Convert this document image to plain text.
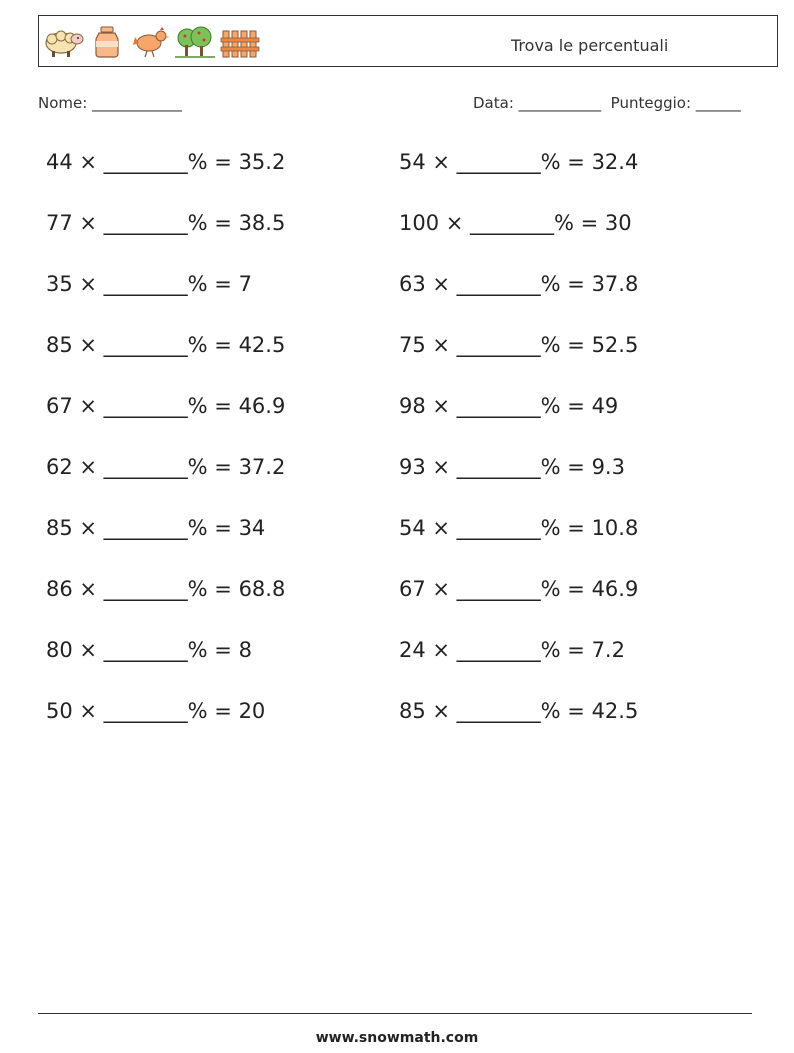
Trova le percentuali
Nome: ____________	Data: ___________  Punteggio: ______
44 × ________% = 35.2
77 × ________% = 38.5
35 × ________% = 7
85 × ________% = 42.5
67 × ________% = 46.9
62 × ________% = 37.2
85 × ________% = 34
86 × ________% = 68.8
80 × ________% = 8
50 × ________% = 20
54 × ________% = 32.4
100 × ________% = 30
63 × ________% = 37.8
75 × ________% = 52.5
98 × ________% = 49
93 × ________% = 9.3
54 × ________% = 10.8
67 × ________% = 46.9
24 × ________% = 7.2
85 × ________% = 42.5
www.snowmath.com
